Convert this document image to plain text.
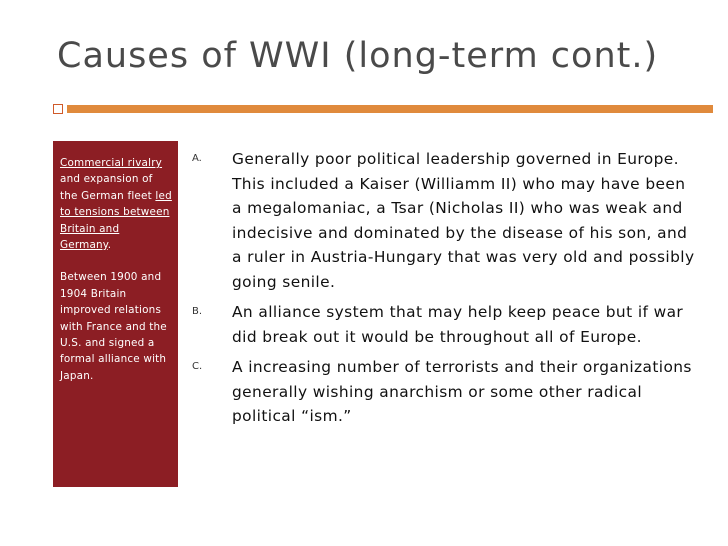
Causes of WWI (long-term cont.)

Commercial rivalry and expansion of the German fleet led to tensions between Britain and Germany.

Between 1900 and 1904 Britain improved relations with France and the U.S. and signed a formal alliance with Japan.

A. Generally poor political leadership governed in Europe. This included a Kaiser (Williamm II) who may have been a megalomaniac, a Tsar (Nicholas II) who was weak and indecisive and dominated by the disease of his son, and a ruler in Austria-Hungary that was very old and possibly going senile.
B. An alliance system that may help keep peace but if war did break out it would be throughout all of Europe.
C. A increasing number of terrorists and their organizations generally wishing anarchism or some other radical political “ism.”
